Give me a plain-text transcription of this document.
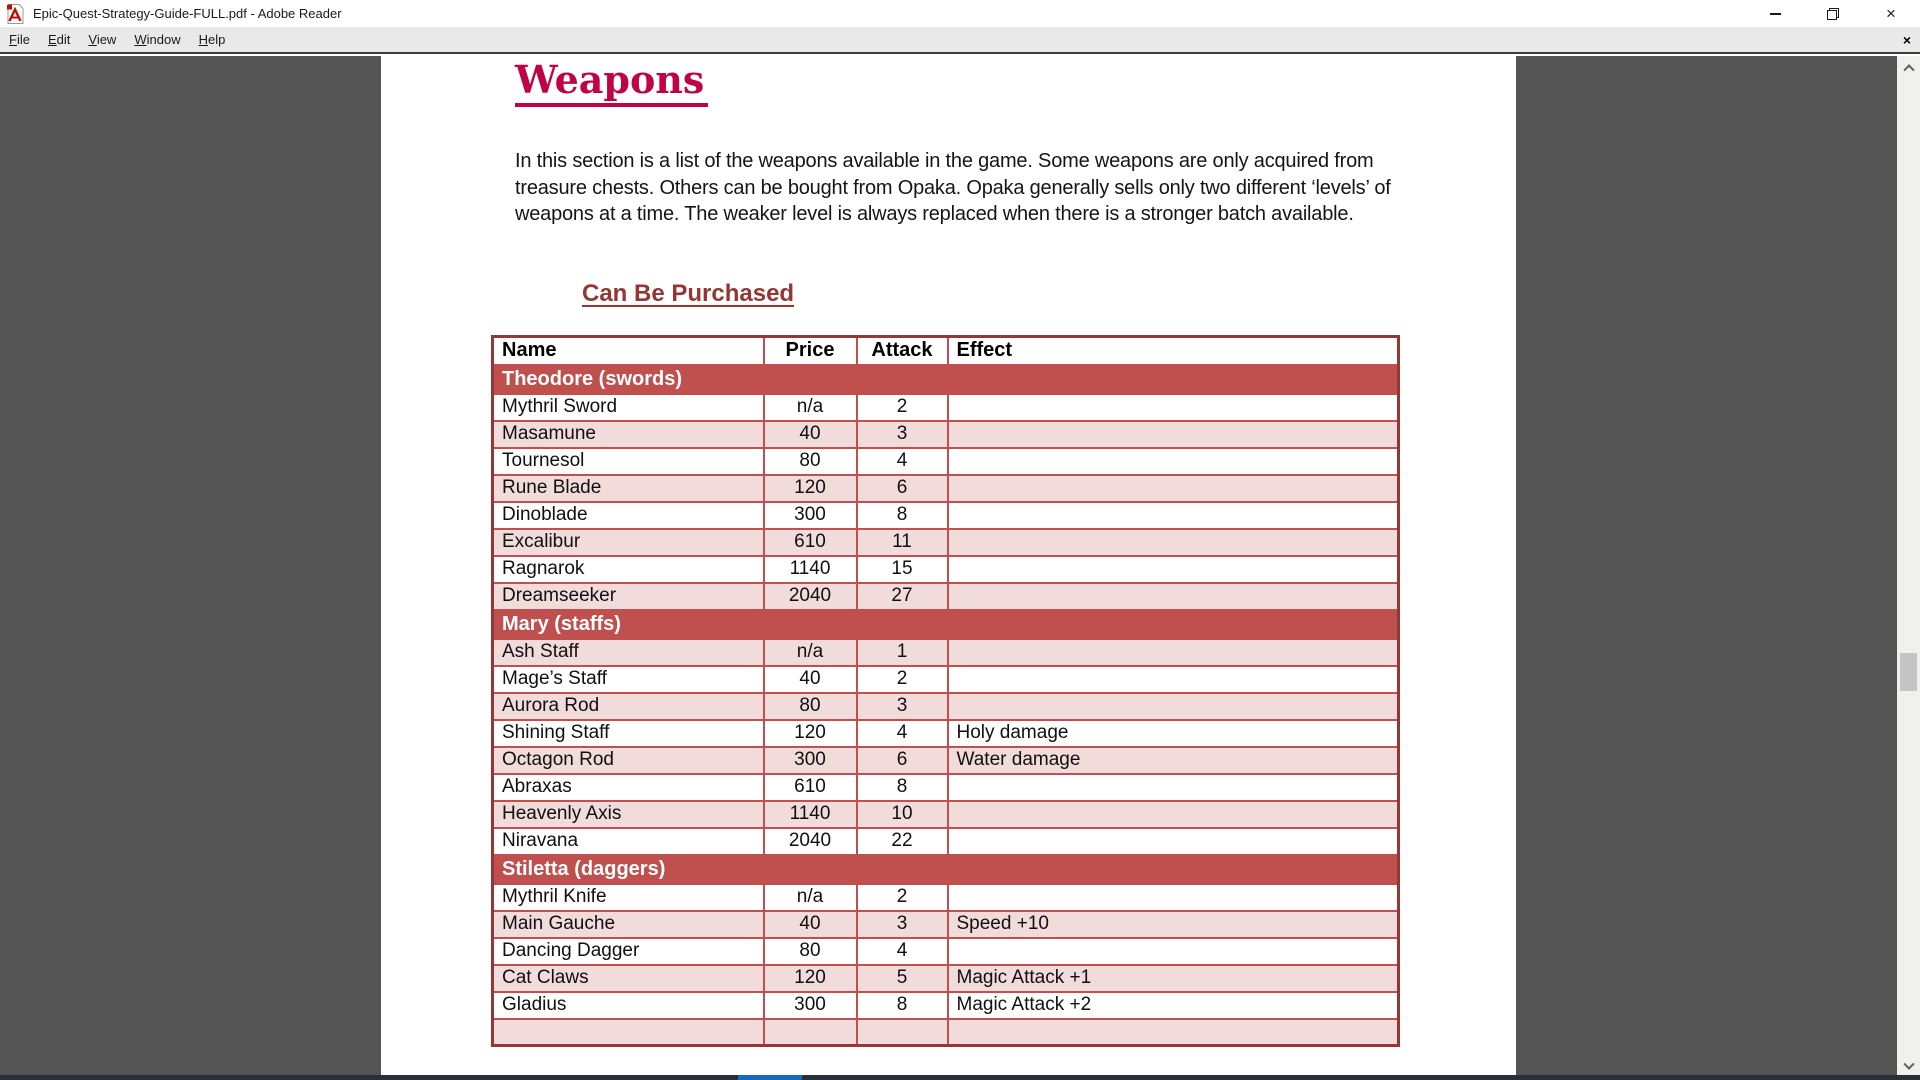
Epic-Quest-Strategy-Guide-FULL.pdf - Adobe Reader	×
File	Edit	View	Window	Help	×
Weapons

In this section is a list of the weapons available in the game. Some weapons are only acquired from treasure chests. Others can be bought from Opaka. Opaka generally sells only two different ‘levels’ of weapons at a time. The weaker level is always replaced when there is a stronger batch available.

Can Be Purchased
Name	Price	Attack	Effect
Theodore (swords)			
Mythril Sword	n/a	2	
Masamune	40	3	
Tournesol	80	4	
Rune Blade	120	6	
Dinoblade	300	8	
Excalibur	610	11	
Ragnarok	1140	15	
Dreamseeker	2040	27	
Mary (staffs)			
Ash Staff	n/a	1	
Mage’s Staff	40	2	
Aurora Rod	80	3	
Shining Staff	120	4	Holy damage
Octagon Rod	300	6	Water damage
Abraxas	610	8	
Heavenly Axis	1140	10	
Niravana	2040	22	
Stiletta (daggers)			
Mythril Knife	n/a	2	
Main Gauche	40	3	Speed +10
Dancing Dagger	80	4	
Cat Claws	120	5	Magic Attack +1
Gladius	300	8	Magic Attack +2
